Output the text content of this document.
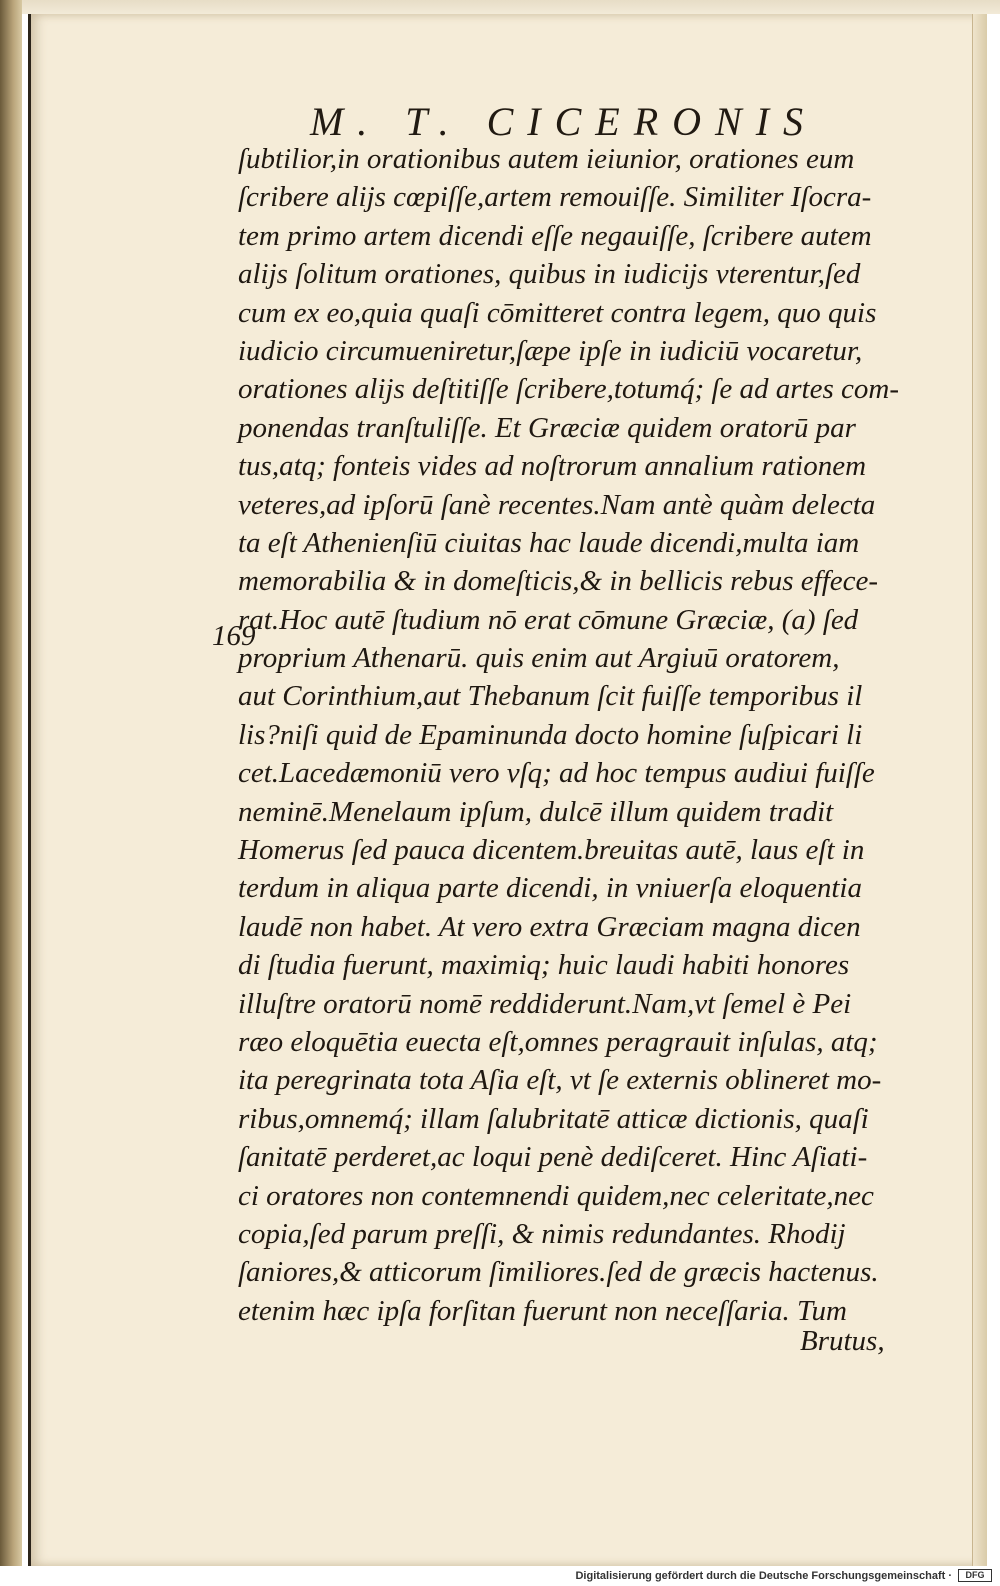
M. T. CICERONIS
169
ſubtilior,in orationibus autem ieiunior, orationes eum
ſcribere alijs cœpiſſe,artem remouiſſe. Similiter Iſocra-
tem primo artem dicendi eſſe negauiſſe, ſcribere autem
alijs ſolitum orationes, quibus in iudicijs vterentur,ſed
cum ex eo,quia quaſi cōmitteret contra legem, quo quis
iudicio circumueniretur,ſæpe ipſe in iudiciū vocaretur,
orationes alijs deſtitiſſe ſcribere,totumq́; ſe ad artes com-
ponendas tranſtuliſſe. Et Græciæ quidem oratorū par
tus,atq; fonteis vides ad noſtrorum annalium rationem
veteres,ad ipſorū ſanè recentes.Nam antè quàm delecta
ta eſt Athenienſiū ciuitas hac laude dicendi,multa iam
memorabilia & in domeſticis,& in bellicis rebus effece-
rat.Hoc autē ſtudium nō erat cōmune Græciæ, (a) ſed
proprium Athenarū. quis enim aut Argiuū oratorem,
aut Corinthium,aut Thebanum ſcit fuiſſe temporibus il
lis?niſi quid de Epaminunda docto homine ſuſpicari li
cet.Lacedæmoniū vero vſq; ad hoc tempus audiui fuiſſe
neminē.Menelaum ipſum, dulcē illum quidem tradit
Homerus ſed pauca dicentem.breuitas autē, laus eſt in
terdum in aliqua parte dicendi, in vniuerſa eloquentia
laudē non habet. At vero extra Græciam magna dicen
di ſtudia fuerunt, maximiq; huic laudi habiti honores
illuſtre oratorū nomē reddiderunt.Nam,vt ſemel è Pei
ræo eloquētia euecta eſt,omnes peragrauit inſulas, atq;
ita peregrinata tota Aſia eſt, vt ſe externis oblineret mo-
ribus,omnemq́; illam ſalubritatē atticæ dictionis, quaſi
ſanitatē perderet,ac loqui penè dediſceret. Hinc Aſiati-
ci oratores non contemnendi quidem,nec celeritate,nec
copia,ſed parum preſſi, & nimis redundantes. Rhodij
ſaniores,& atticorum ſimiliores.ſed de græcis hactenus.
etenim hæc ipſa forſitan fuerunt non neceſſaria. Tum
Brutus,
Digitalisierung gefördert durch die Deutsche Forschungsgemeinschaft ·	DFG
